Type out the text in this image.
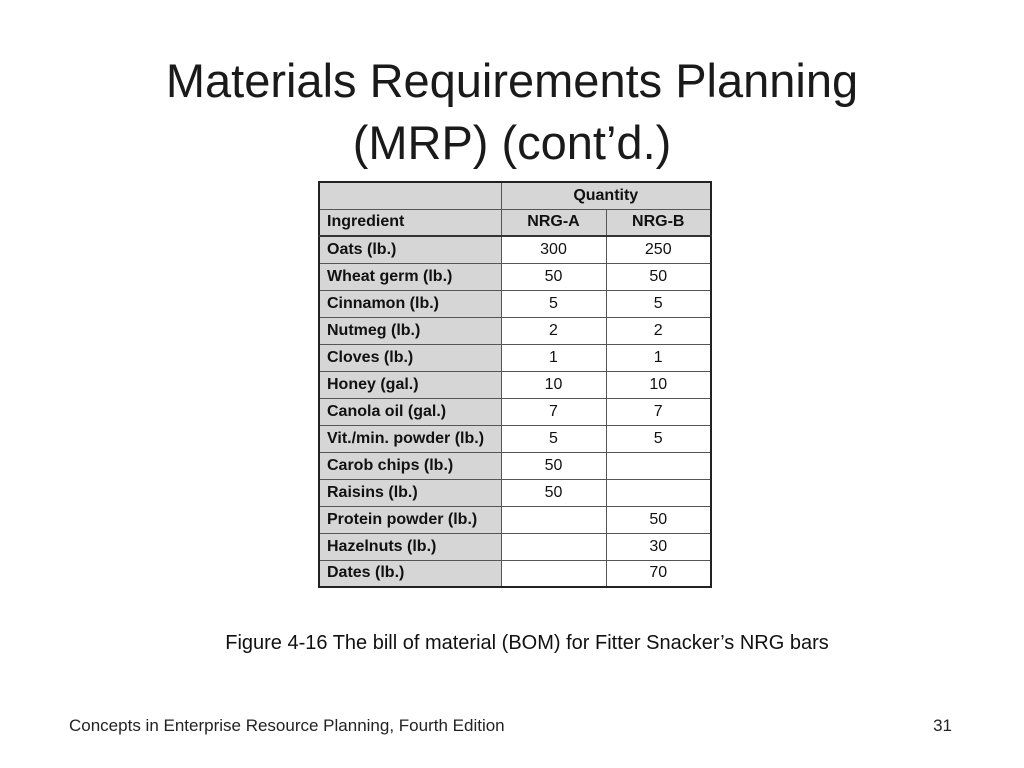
Materials Requirements Planning
(MRP) (cont’d.)
	Quantity	
Ingredient	NRG-A	NRG-B
Oats (lb.)	300	250
Wheat germ (lb.)	50	50
Cinnamon (lb.)	5	5
Nutmeg (lb.)	2	2
Cloves (lb.)	1	1
Honey (gal.)	10	10
Canola oil (gal.)	7	7
Vit./min. powder (lb.)	5	5
Carob chips (lb.)	50	
Raisins (lb.)	50	
Protein powder (lb.)		50
Hazelnuts (lb.)		30
Dates (lb.)		70
Figure 4-16 The bill of material (BOM) for Fitter Snacker’s NRG bars
Concepts in Enterprise Resource Planning, Fourth Edition	31
